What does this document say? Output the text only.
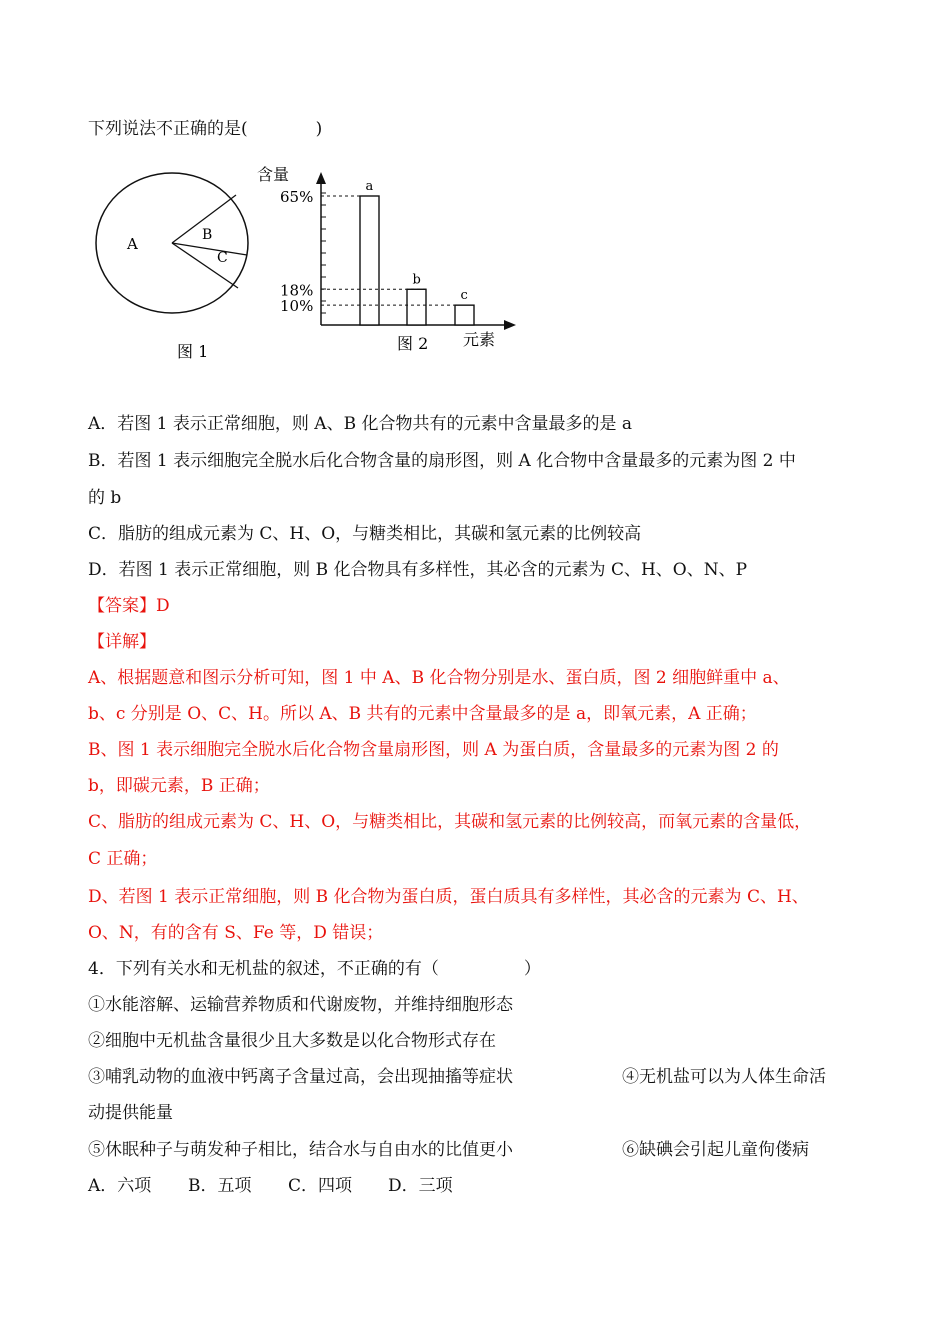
下列说法不正确的是(　　　　)
A	B
C
图 1
含量
a
65%
b
18%	c
10%
元素
图 2
A．若图 1 表示正常细胞，则 A、B 化合物共有的元素中含量最多的是 a
B．若图 1 表示细胞完全脱水后化合物含量的扇形图，则 A 化合物中含量最多的元素为图 2 中
的 b
C．脂肪的组成元素为 C、H、O，与糖类相比，其碳和氢元素的比例较高
D．若图 1 表示正常细胞，则 B 化合物具有多样性，其必含的元素为 C、H、O、N、P
【答案】D
【详解】
A、根据题意和图示分析可知，图 1 中 A、B 化合物分别是水、蛋白质，图 2 细胞鲜重中 a、
b、c 分别是 O、C、H。所以 A、B 共有的元素中含量最多的是 a，即氧元素，A 正确；
B、图 1 表示细胞完全脱水后化合物含量扇形图，则 A 为蛋白质，含量最多的元素为图 2 的
b，即碳元素，B 正确；
C、脂肪的组成元素为 C、H、O，与糖类相比，其碳和氢元素的比例较高，而氧元素的含量低，
C 正确；
D、若图 1 表示正常细胞，则 B 化合物为蛋白质，蛋白质具有多样性，其必含的元素为 C、H、
O、N，有的含有 S、Fe 等，D 错误；
4．下列有关水和无机盐的叙述，不正确的有（　　　　　）
①水能溶解、运输营养物质和代谢废物，并维持细胞形态
②细胞中无机盐含量很少且大多数是以化合物形式存在
③哺乳动物的血液中钙离子含量过高，会出现抽搐等症状	④无机盐可以为人体生命活
动提供能量
⑤休眠种子与萌发种子相比，结合水与自由水的比值更小	⑥缺碘会引起儿童佝偻病
A．六项 B．五项 C．四项 D．三项
